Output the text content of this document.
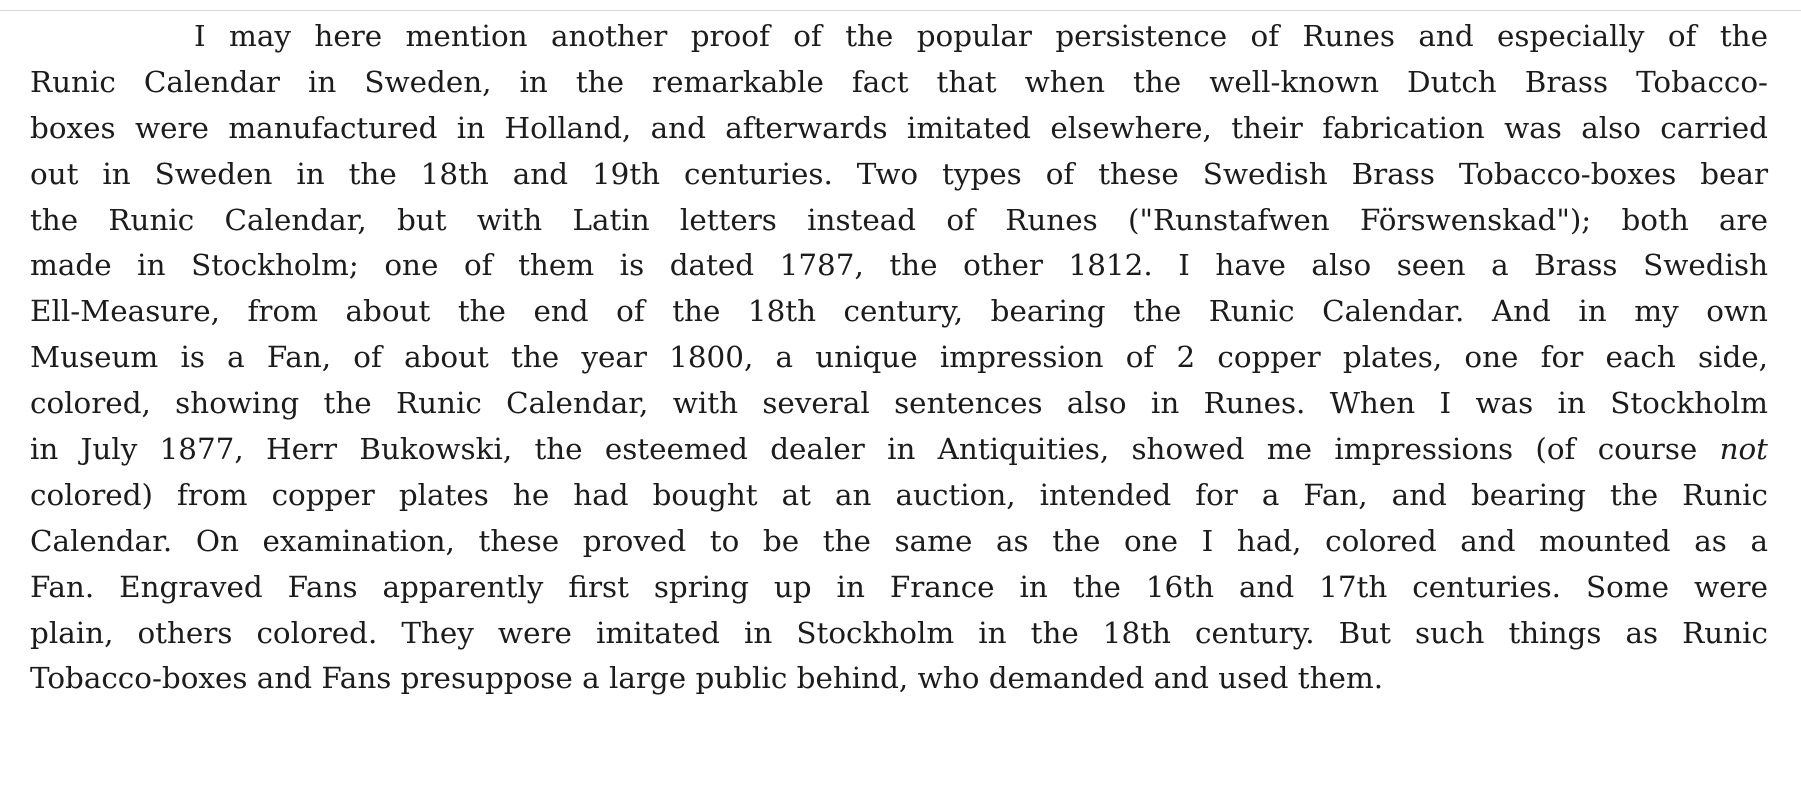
I may here mention another proof of the popular persistence of Runes and especially of the
Runic Calendar in Sweden, in the remarkable fact that when the well-known Dutch Brass Tobacco-
boxes were manufactured in Holland, and afterwards imitated elsewhere, their fabrication was also carried
out in Sweden in the 18th and 19th centuries. Two types of these Swedish Brass Tobacco-boxes bear
the Runic Calendar, but with Latin letters instead of Runes ("Runstafwen Förswenskad"); both are
made in Stockholm; one of them is dated 1787, the other 1812. I have also seen a Brass Swedish
Ell-Measure, from about the end of the 18th century, bearing the Runic Calendar. And in my own
Museum is a Fan, of about the year 1800, a unique impression of 2 copper plates, one for each side,
colored, showing the Runic Calendar, with several sentences also in Runes. When I was in Stockholm
in July 1877, Herr Bukowski, the esteemed dealer in Antiquities, showed me impressions (of course not
colored) from copper plates he had bought at an auction, intended for a Fan, and bearing the Runic
Calendar. On examination, these proved to be the same as the one I had, colored and mounted as a
Fan. Engraved Fans apparently first spring up in France in the 16th and 17th centuries. Some were
plain, others colored. They were imitated in Stockholm in the 18th century. But such things as Runic
Tobacco-boxes and Fans presuppose a large public behind, who demanded and used them.
